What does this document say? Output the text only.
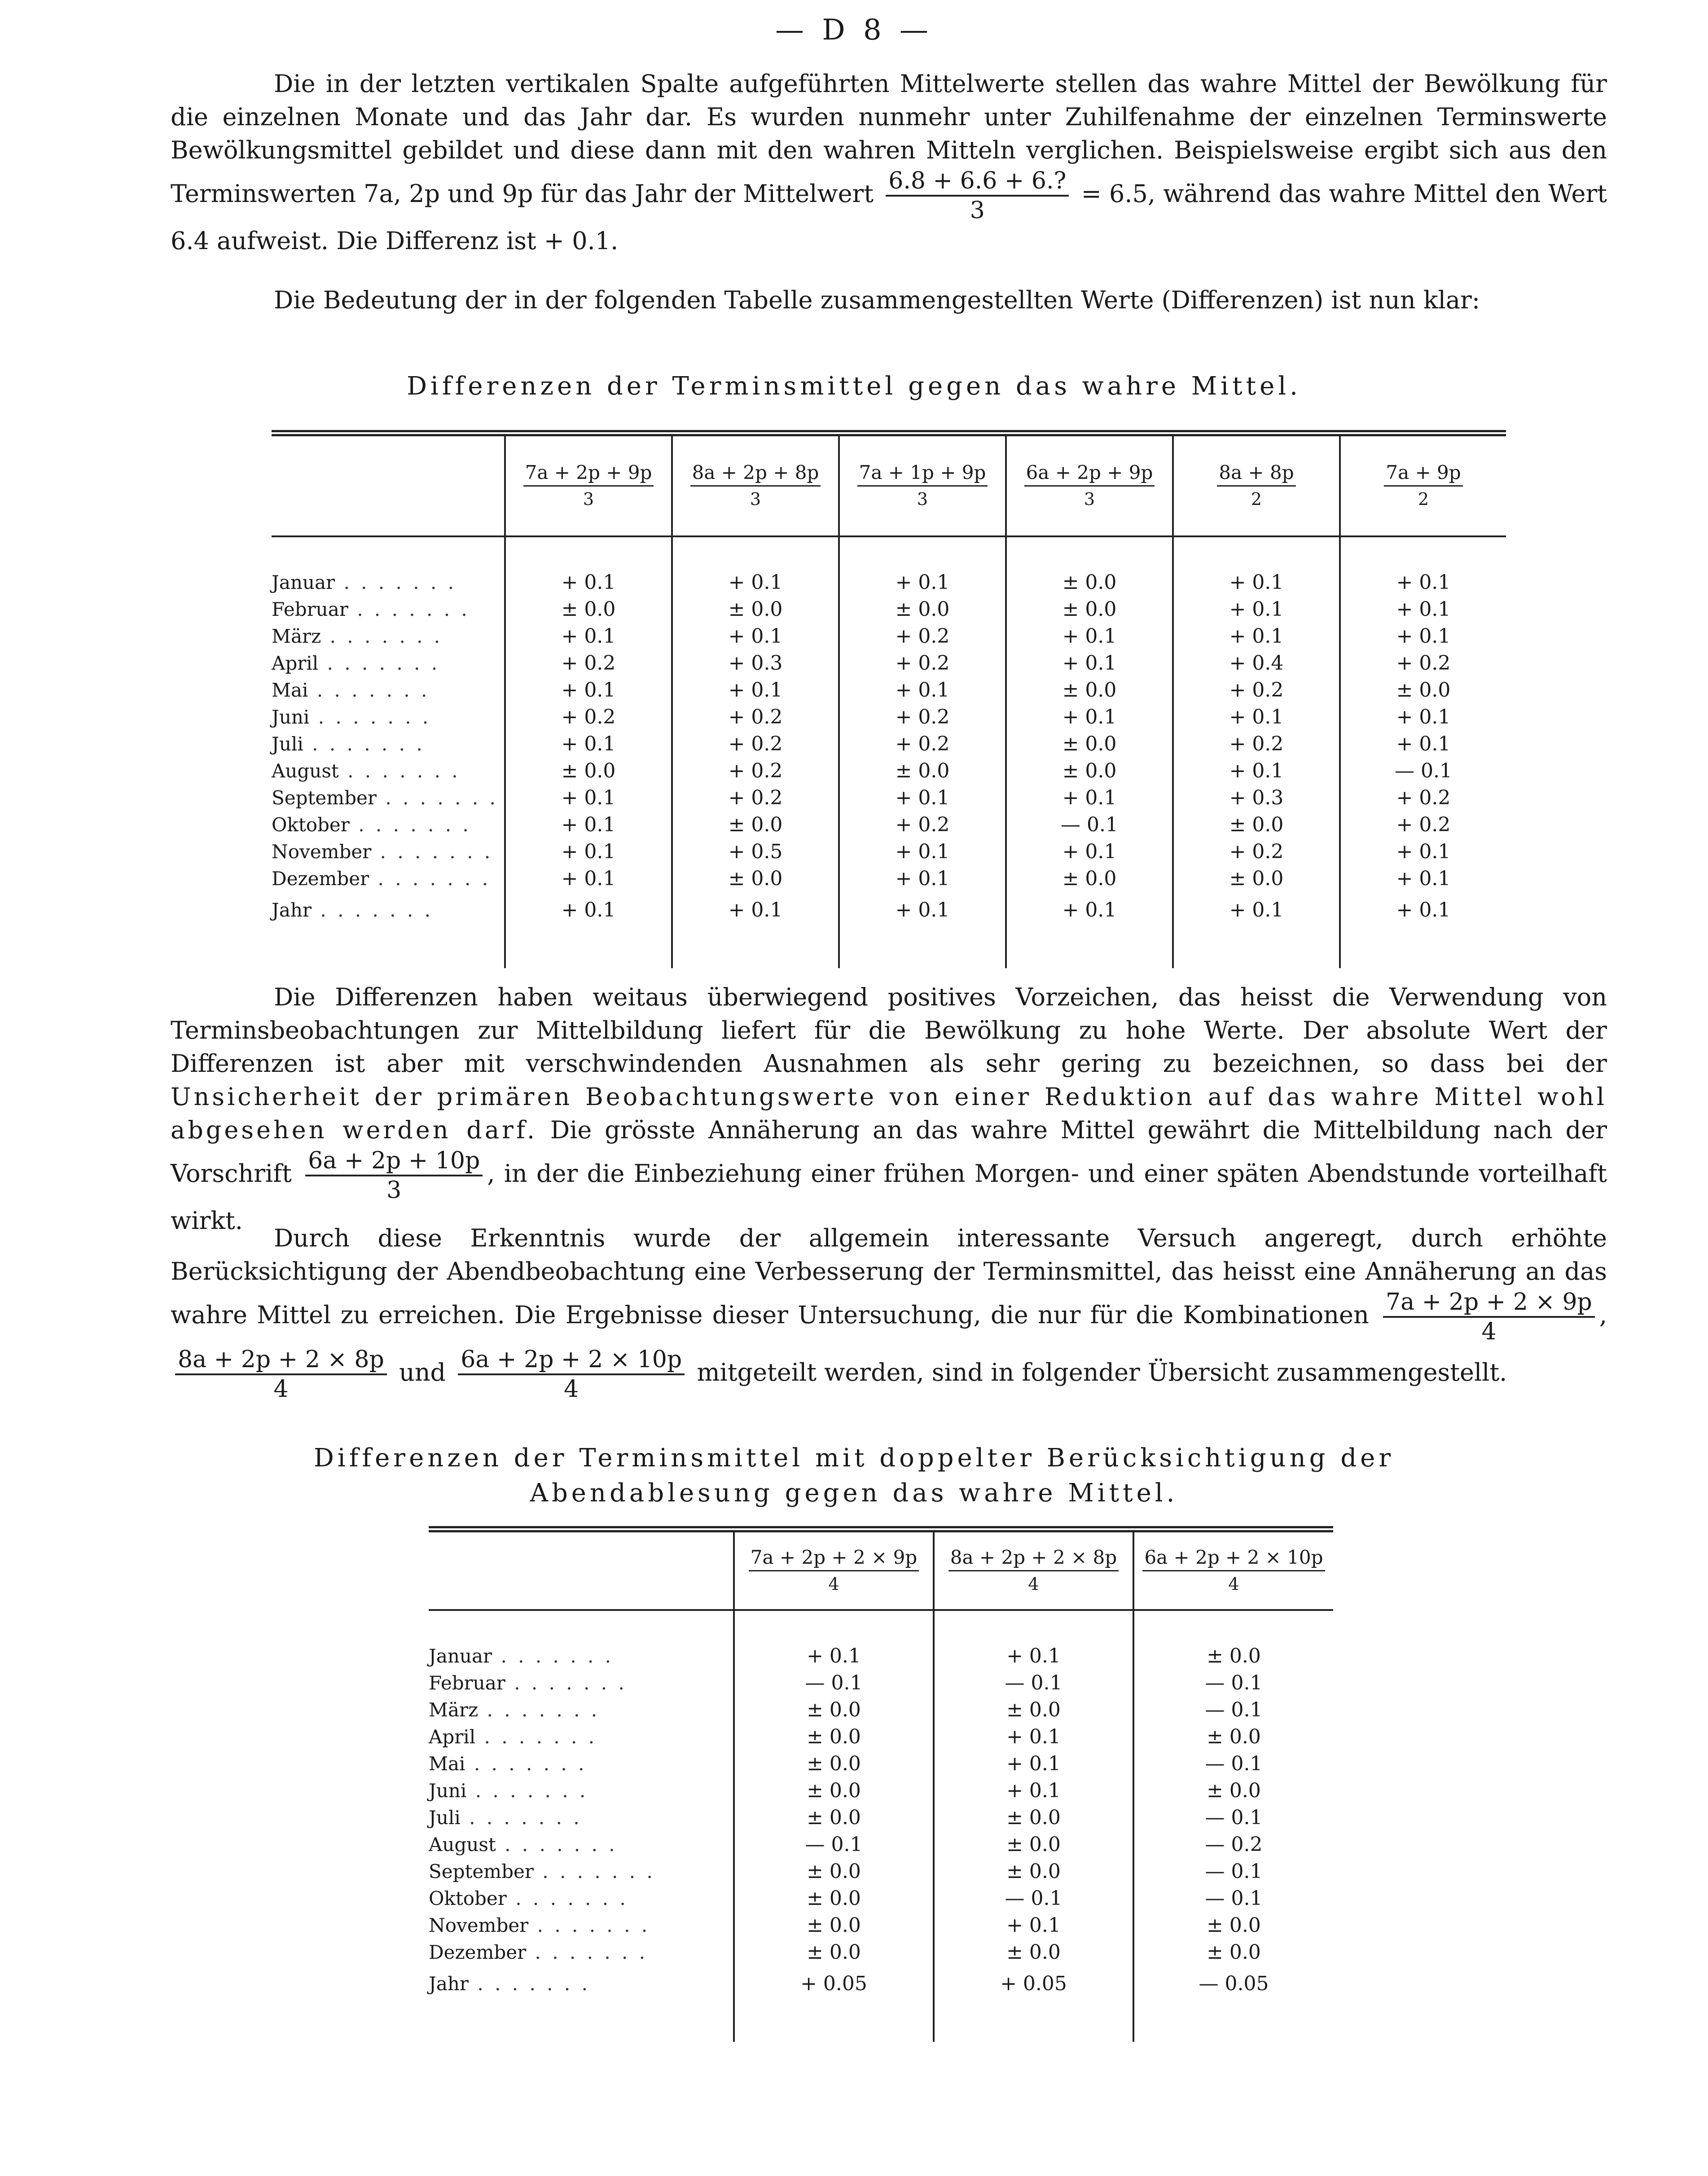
— D 8 —
Die in der letzten vertikalen Spalte aufgeführten Mittelwerte stellen das wahre Mittel der Bewölkung für die einzelnen Monate und das Jahr dar. Es wurden nunmehr unter Zuhilfenahme der einzelnen Terminswerte Bewölkungsmittel gebildet und diese dann mit den wahren Mitteln verglichen. Beispielsweise ergibt sich aus den Terminswerten 7a, 2p und 9p für das Jahr der Mittelwert $\frac{6.8 + 6.6 + 6.?}{3} = 6.5$, während das wahre Mittel den Wert 6.4 aufweist. Die Differenz ist + 0.1.
Die Bedeutung der in der folgenden Tabelle zusammengestellten Werte (Differenzen) ist nun klar:
Differenzen der Terminsmittel gegen das wahre Mittel.

	$\frac{7a + 2p + 9p}{3}$	$\frac{8a + 2p + 8p}{3}$	$\frac{7a + 1p + 9p}{3}$	$\frac{6a + 2p + 9p}{3}$	$\frac{8a + 8p}{2}$	$\frac{7a + 9p}{2}$

Januar . . . . . . .	+ 0.1	+ 0.1	+ 0.1	± 0.0	+ 0.1	+ 0.1
Februar . . . . . . .	± 0.0	± 0.0	± 0.0	± 0.0	+ 0.1	+ 0.1
März . . . . . . .	+ 0.1	+ 0.1	+ 0.2	+ 0.1	+ 0.1	+ 0.1
April . . . . . . .	+ 0.2	+ 0.3	+ 0.2	+ 0.1	+ 0.4	+ 0.2
Mai . . . . . . .	+ 0.1	+ 0.1	+ 0.1	± 0.0	+ 0.2	± 0.0
Juni . . . . . . .	+ 0.2	+ 0.2	+ 0.2	+ 0.1	+ 0.1	+ 0.1
Juli . . . . . . .	+ 0.1	+ 0.2	+ 0.2	± 0.0	+ 0.2	+ 0.1
August . . . . . . .	± 0.0	+ 0.2	± 0.0	± 0.0	+ 0.1	— 0.1
September . . . . . . .	+ 0.1	+ 0.2	+ 0.1	+ 0.1	+ 0.3	+ 0.2
Oktober . . . . . . .	+ 0.1	± 0.0	+ 0.2	— 0.1	± 0.0	+ 0.2
November . . . . . . .	+ 0.1	+ 0.5	+ 0.1	+ 0.1	+ 0.2	+ 0.1
Dezember . . . . . . .	+ 0.1	± 0.0	+ 0.1	± 0.0	± 0.0	+ 0.1
Jahr . . . . . . .	+ 0.1	+ 0.1	+ 0.1	+ 0.1	+ 0.1	+ 0.1

Die Differenzen haben weitaus überwiegend positives Vorzeichen, das heisst die Verwendung von Terminsbeobachtungen zur Mittelbildung liefert für die Bewölkung zu hohe Werte. Der absolute Wert der Differenzen ist aber mit verschwindenden Ausnahmen als sehr gering zu bezeichnen, so dass bei der Unsicherheit der primären Beobachtungswerte von einer Reduktion auf das wahre Mittel wohl abgesehen werden darf. Die grösste Annäherung an das wahre Mittel gewährt die Mittelbildung nach der Vorschrift $\frac{6a + 2p + 10p}{3}$ , in der die Einbeziehung einer frühen Morgen- und einer späten Abendstunde vorteilhaft wirkt.
Durch diese Erkenntnis wurde der allgemein interessante Versuch angeregt, durch erhöhte Berücksichtigung der Abendbeobachtung eine Verbesserung der Terminsmittel, das heisst eine Annäherung an das wahre Mittel zu erreichen. Die Ergebnisse dieser Untersuchung, die nur für die Kombinationen $\frac{7a + 2p + 2 \times 9p}{4}$ ,
$\frac{8a + 2p + 2 \times 8p}{4}$ und $\frac{6a + 2p + 2 \times 10p}{4}$ mitgeteilt werden, sind in folgender Übersicht zusammengestellt.
Differenzen der Terminsmittel mit doppelter Berücksichtigung der
Abendablesung gegen das wahre Mittel.

	$\frac{7a + 2p + 2 \times 9p}{4}$	$\frac{8a + 2p + 2 \times 8p}{4}$	$\frac{6a + 2p + 2 \times 10p}{4}$

Januar . . . . . . .	+ 0.1	+ 0.1	± 0.0
Februar . . . . . . .	— 0.1	— 0.1	— 0.1
März . . . . . . .	± 0.0	± 0.0	— 0.1
April . . . . . . .	± 0.0	+ 0.1	± 0.0
Mai . . . . . . .	± 0.0	+ 0.1	— 0.1
Juni . . . . . . .	± 0.0	+ 0.1	± 0.0
Juli . . . . . . .	± 0.0	± 0.0	— 0.1
August . . . . . . .	— 0.1	± 0.0	— 0.2
September . . . . . . .	± 0.0	± 0.0	— 0.1
Oktober . . . . . . .	± 0.0	— 0.1	— 0.1
November . . . . . . .	± 0.0	+ 0.1	± 0.0
Dezember . . . . . . .	± 0.0	± 0.0	± 0.0
Jahr . . . . . . .	+ 0.05	+ 0.05	— 0.05
